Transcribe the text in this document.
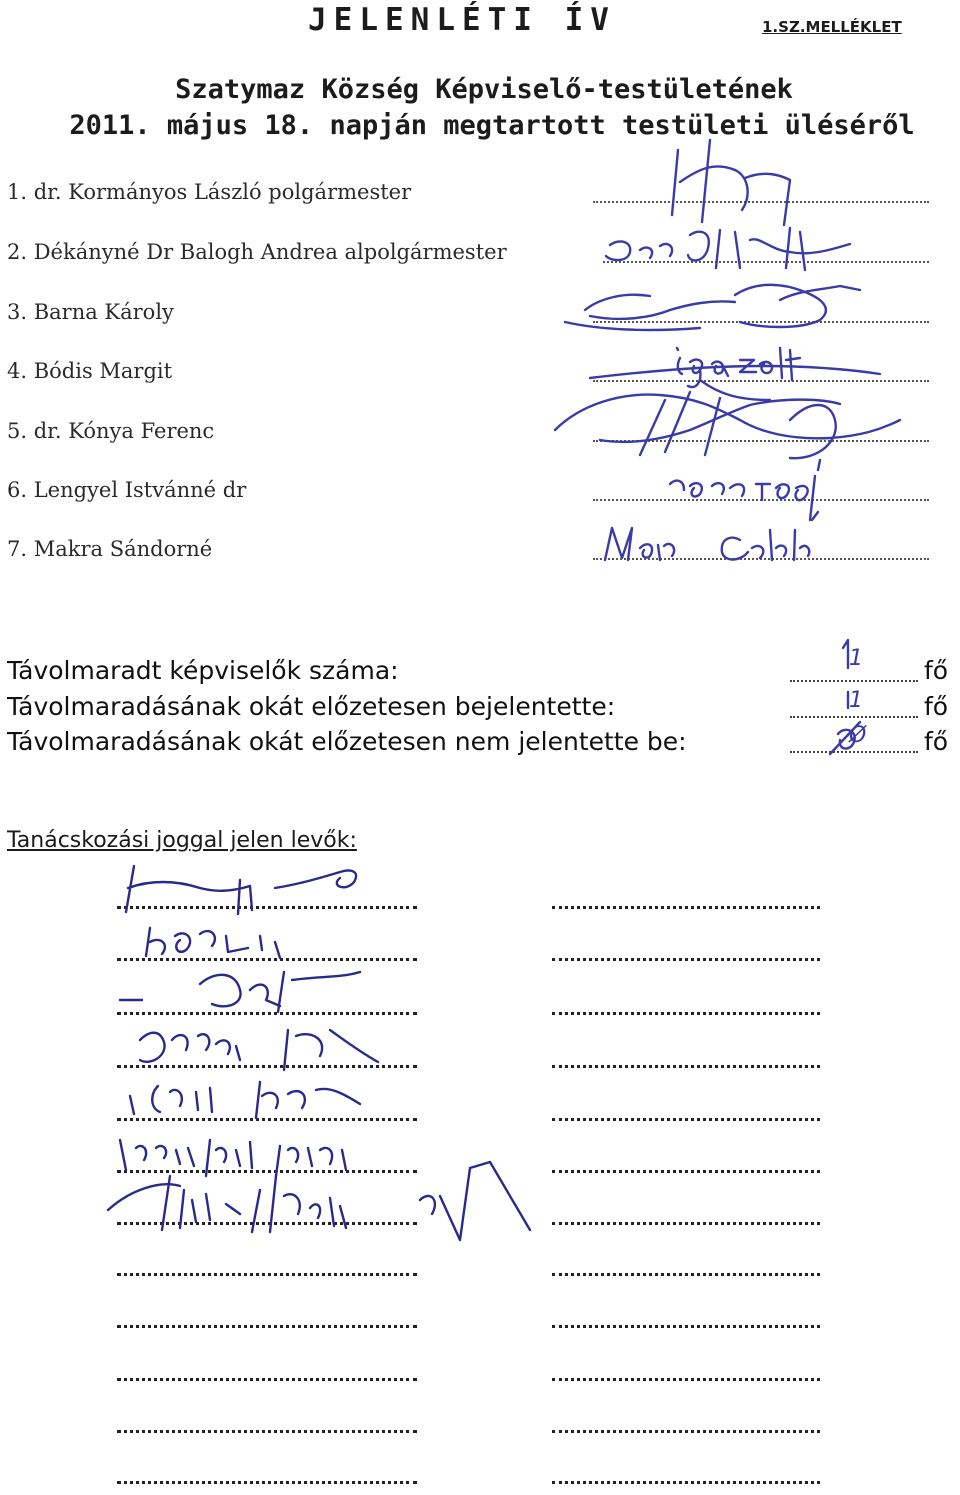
JELENLÉTI ÍV	1.SZ.MELLÉKLET
Szatymaz Község Képviselő-testületének
2011. május 18. napján megtartott testületi üléséről
1. dr. Kormányos László polgármester
2. Dékányné Dr Balogh Andrea alpolgármester
3. Barna Károly
4. Bódis Margit
5. dr. Kónya Ferenc
6. Lengyel Istvánné dr
7. Makra Sándorné
Távolmaradt képviselők száma:	1 fő
Távolmaradásának okát előzetesen bejelentette:	1 fő
Távolmaradásának okát előzetesen nem jelentette be:	Ø fő
Tanácskozási joggal jelen levők:
